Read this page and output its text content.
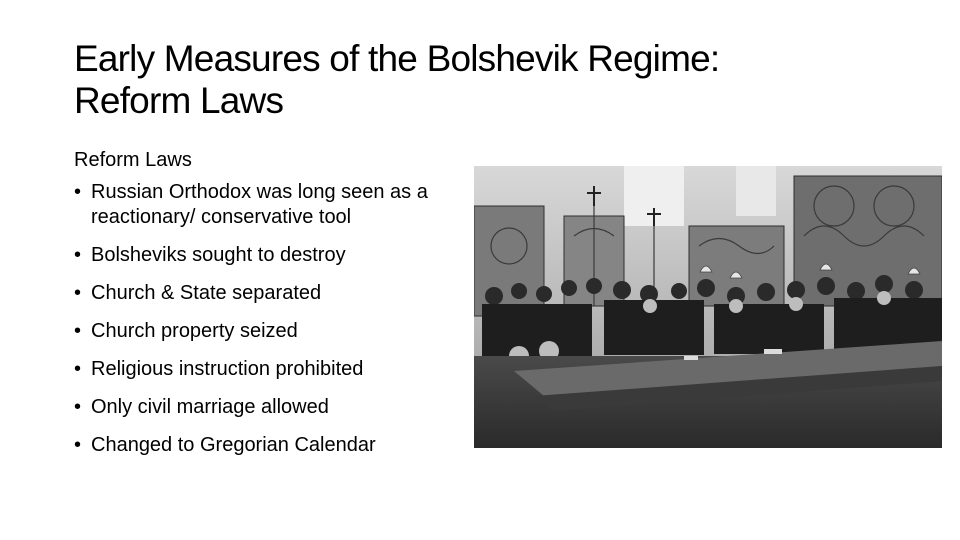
Early Measures of the Bolshevik Regime:
Reform Laws
Reform Laws
• Russian Orthodox was long seen as a reactionary/ conservative tool
• Bolsheviks sought to destroy
• Church & State separated
• Church property seized
• Religious instruction prohibited
• Only civil marriage allowed
• Changed to Gregorian Calendar
